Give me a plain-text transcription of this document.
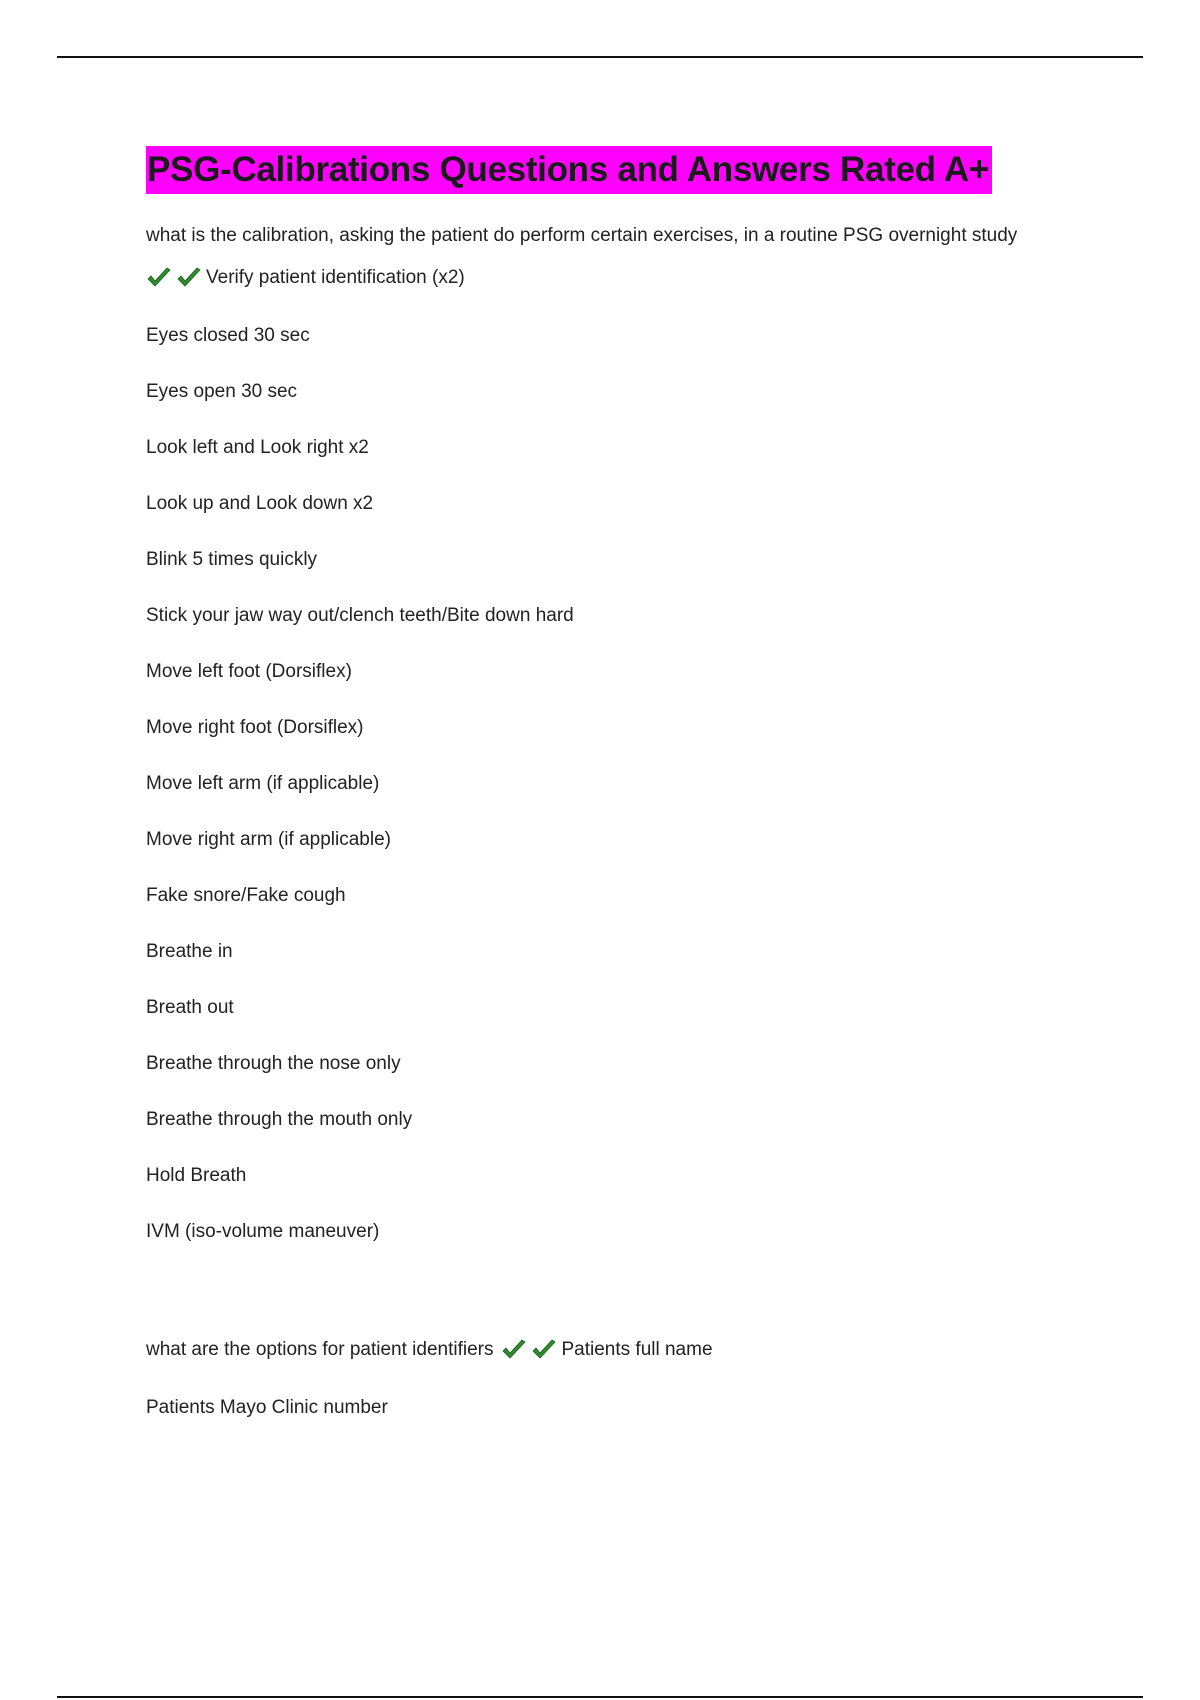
PSG-Calibrations Questions and Answers Rated A+
what is the calibration, asking the patient do perform certain exercises, in a routine PSG overnight study
Verify patient identification (x2)
Eyes closed 30 sec
Eyes open 30 sec
Look left and Look right x2
Look up and Look down x2
Blink 5 times quickly
Stick your jaw way out/clench teeth/Bite down hard
Move left foot (Dorsiflex)
Move right foot (Dorsiflex)
Move left arm (if applicable)
Move right arm (if applicable)
Fake snore/Fake cough
Breathe in
Breath out
Breathe through the nose only
Breathe through the mouth only
Hold Breath
IVM (iso-volume maneuver)
what are the options for patient identifiers	Patients full name
Patients Mayo Clinic number
